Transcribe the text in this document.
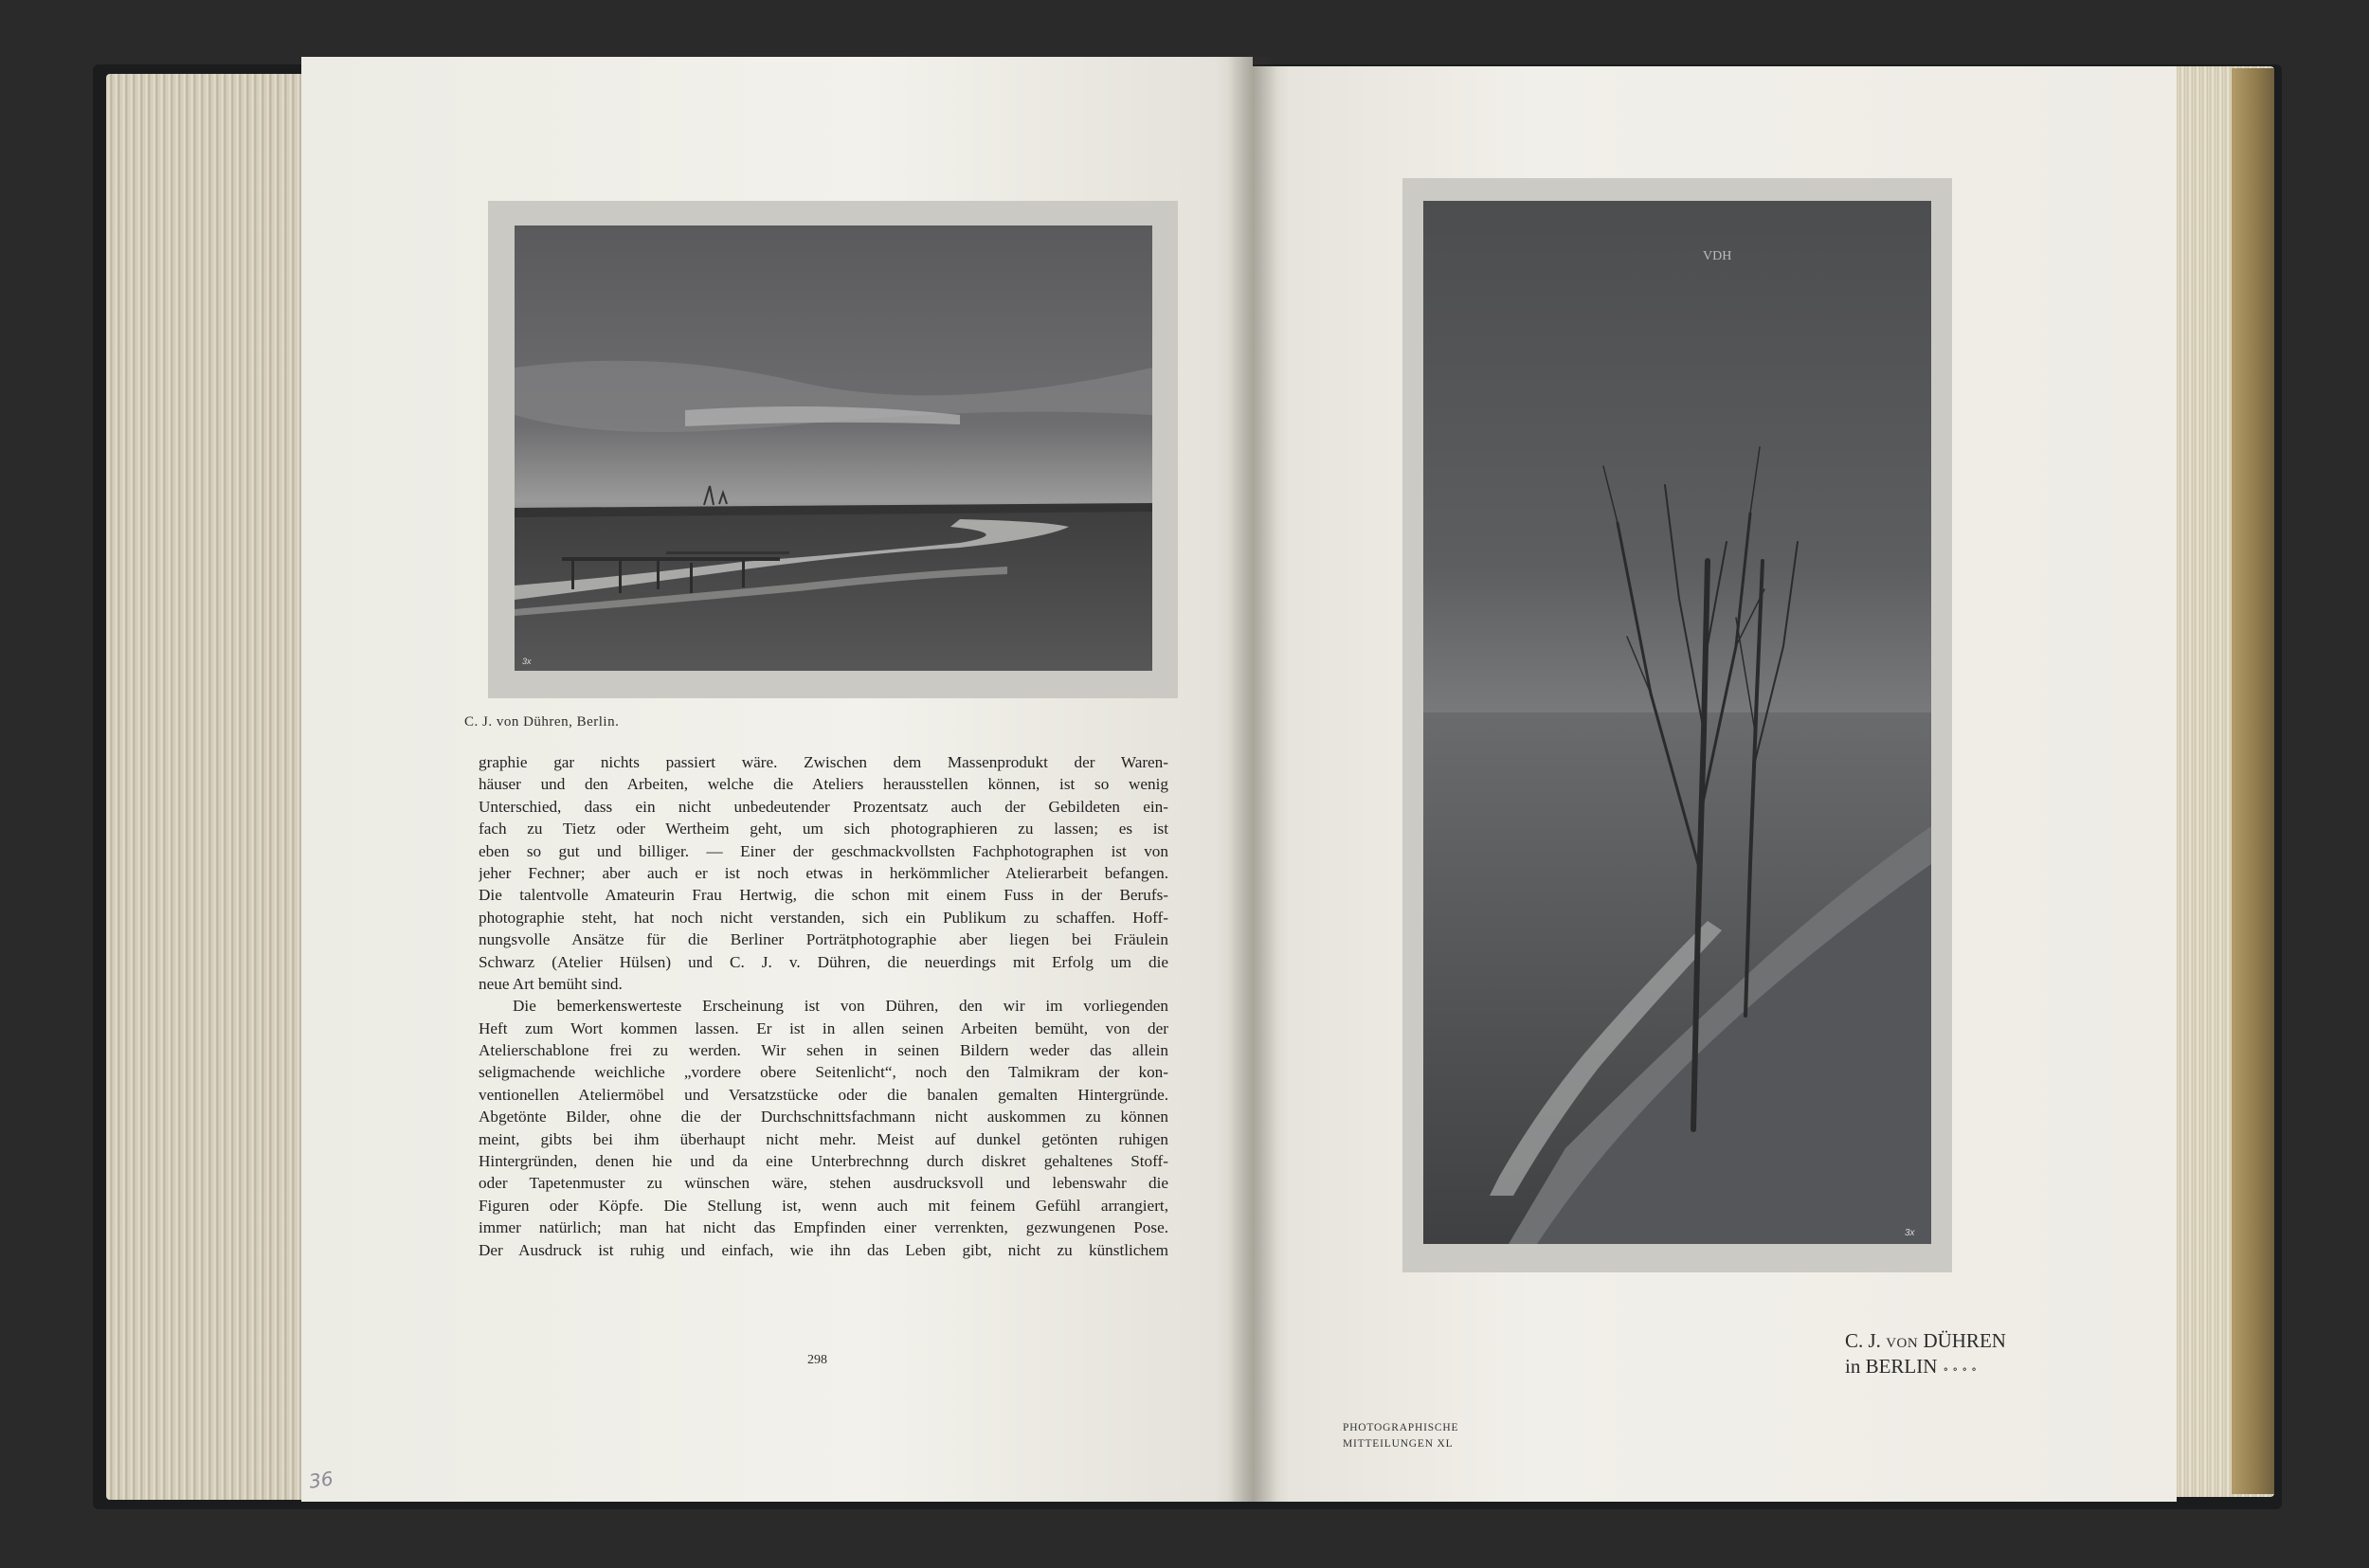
3x
C. J. von Dühren, Berlin.
graphie gar nichts passiert wäre. Zwischen dem Massenprodukt der Waren-
häuser und den Arbeiten, welche die Ateliers herausstellen können, ist so wenig
Unterschied, dass ein nicht unbedeutender Prozentsatz auch der Gebildeten ein-
fach zu Tietz oder Wertheim geht, um sich photographieren zu lassen; es ist
eben so gut und billiger. — Einer der geschmackvollsten Fachphotographen ist von
jeher Fechner; aber auch er ist noch etwas in herkömmlicher Atelierarbeit befangen.
Die talentvolle Amateurin Frau Hertwig, die schon mit einem Fuss in der Berufs-
photographie steht, hat noch nicht verstanden, sich ein Publikum zu schaffen. Hoff-
nungsvolle Ansätze für die Berliner Porträtphotographie aber liegen bei Fräulein
Schwarz (Atelier Hülsen) und C. J. v. Dühren, die neuerdings mit Erfolg um die
neue Art bemüht sind.
Die bemerkenswerteste Erscheinung ist von Dühren, den wir im vorliegenden
Heft zum Wort kommen lassen. Er ist in allen seinen Arbeiten bemüht, von der
Atelierschablone frei zu werden. Wir sehen in seinen Bildern weder das allein
seligmachende weichliche „vordere obere Seitenlicht“, noch den Talmikram der kon-
ventionellen Ateliermöbel und Versatzstücke oder die banalen gemalten Hintergründe.
Abgetönte Bilder, ohne die der Durchschnittsfachmann nicht auskommen zu können
meint, gibts bei ihm überhaupt nicht mehr. Meist auf dunkel getönten ruhigen
Hintergründen, denen hie und da eine Unterbrechnng durch diskret gehaltenes Stoff-
oder Tapetenmuster zu wünschen wäre, stehen ausdrucksvoll und lebenswahr die
Figuren oder Köpfe. Die Stellung ist, wenn auch mit feinem Gefühl arrangiert,
immer natürlich; man hat nicht das Empfinden einer verrenkten, gezwungenen Pose.
Der Ausdruck ist ruhig und einfach, wie ihn das Leben gibt, nicht zu künstlichem
298
36
VDH
3x
C. J. VON DÜHREN
in BERLIN ∘∘∘∘
PHOTOGRAPHISCHE
MITTEILUNGEN XL
